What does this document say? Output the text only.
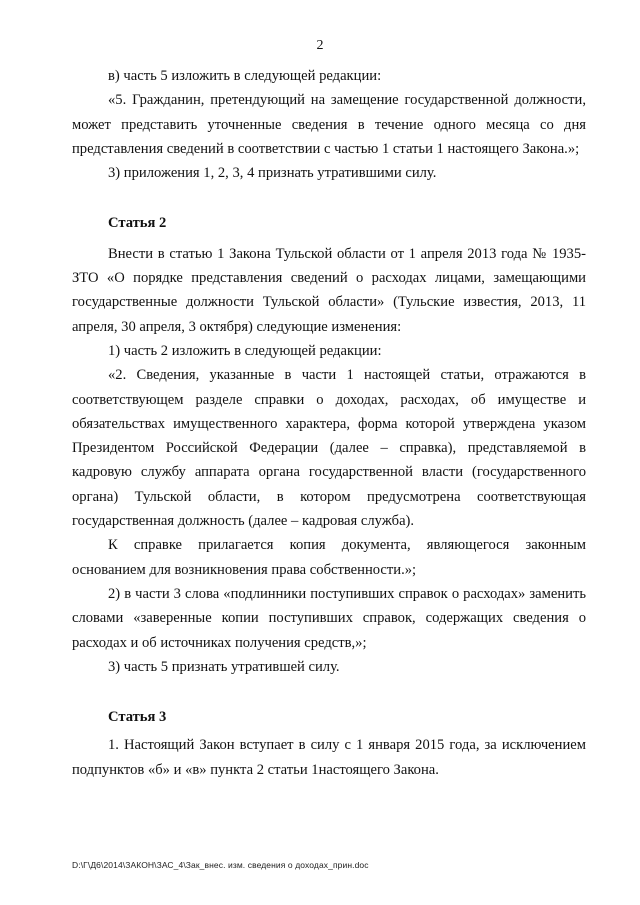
2

в) часть 5 изложить в следующей редакции:

«5. Гражданин, претендующий на замещение государственной должности, может представить уточненные сведения в течение одного месяца со дня представления сведений в соответствии с частью 1 статьи 1 настоящего Закона.»;

3) приложения 1, 2, 3, 4 признать утратившими силу.

Статья 2

Внести в статью 1 Закона Тульской области от 1 апреля 2013 года № 1935-ЗТО «О порядке представления сведений о расходах лицами, замещающими государственные должности Тульской области» (Тульские известия, 2013, 11 апреля, 30 апреля, 3 октября) следующие изменения:

1) часть 2 изложить в следующей редакции:

«2. Сведения, указанные в части 1 настоящей статьи, отражаются в соответствующем разделе справки о доходах, расходах, об имуществе и обязательствах имущественного характера, форма которой утверждена указом Президентом Российской Федерации (далее – справка), представляемой в кадровую службу аппарата органа государственной власти (государственного органа) Тульской области, в котором предусмотрена соответствующая государственная должность (далее – кадровая служба).

К справке прилагается копия документа, являющегося законным основанием для возникновения права собственности.»;

2) в части 3 слова «подлинники поступивших справок о расходах» заменить словами «заверенные копии поступивших справок, содержащих сведения о расходах и об источниках получения средств,»;

3) часть 5 признать утратившей силу.

Статья 3

1. Настоящий Закон вступает в силу с 1 января 2015 года, за исключением подпунктов «б» и «в» пункта 2 статьи 1настоящего Закона.

D:\Г\Д6\2014\ЗАКОН\ЗАС_4\Зак_внес. изм. сведения о доходах_прин.doc
